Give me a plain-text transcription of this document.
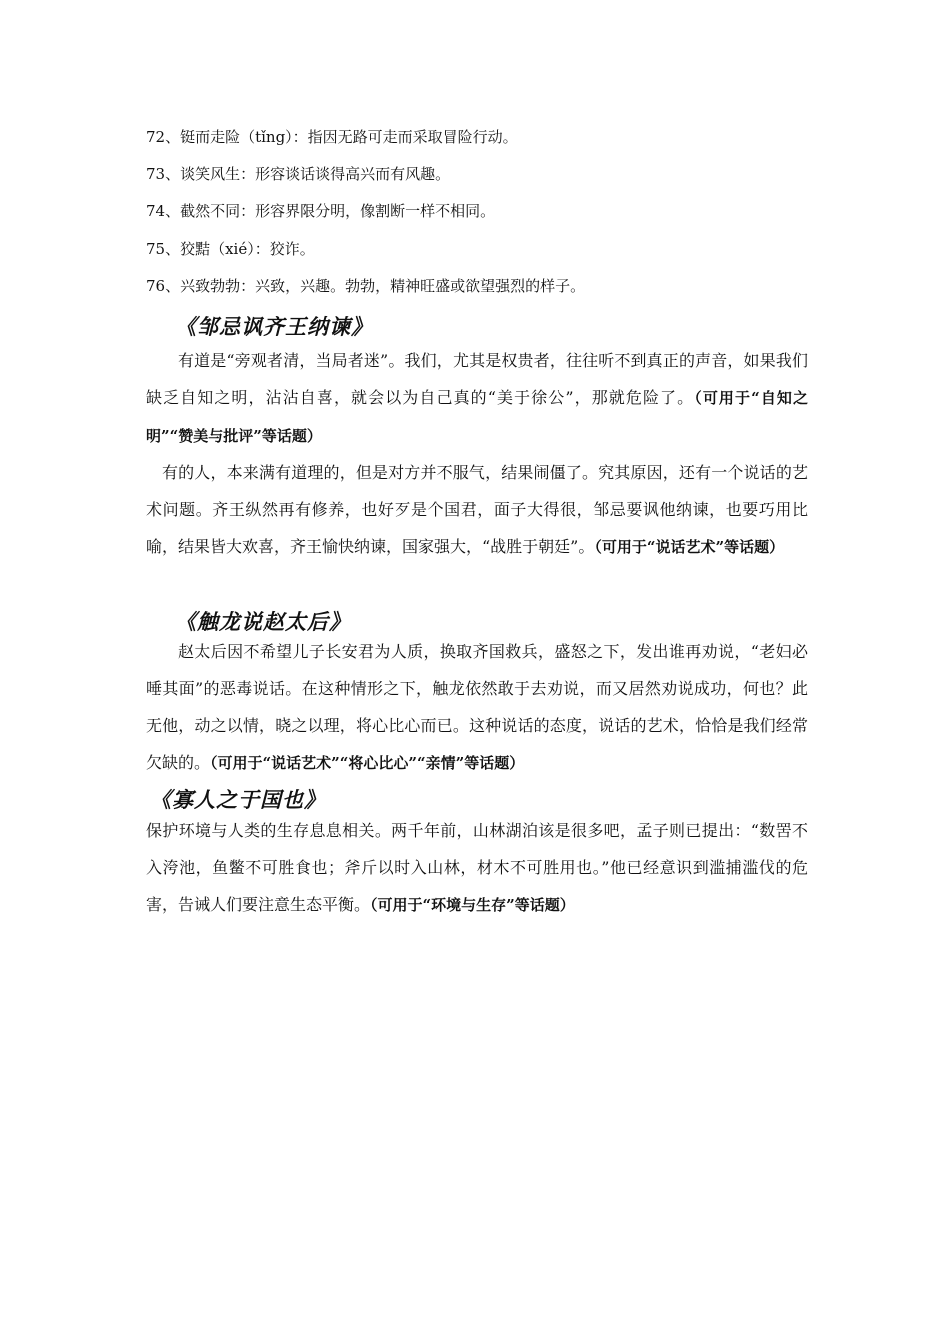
72、铤而走险（tǐng）：指因无路可走而采取冒险行动。
73、谈笑风生：形容谈话谈得高兴而有风趣。
74、截然不同：形容界限分明，像割断一样不相同。
75、狡黠（xié）：狡诈。
76、兴致勃勃：兴致，兴趣。勃勃，精神旺盛或欲望强烈的样子。
《邹忌讽齐王纳谏》
有道是“旁观者清，当局者迷”。我们，尤其是权贵者，往往听不到真正的声音，如果我们缺乏自知之明，沾沾自喜，就会以为自己真的“美于徐公”，那就危险了。（可用于“自知之明”“赞美与批评”等话题）
有的人，本来满有道理的，但是对方并不服气，结果闹僵了。究其原因，还有一个说话的艺术问题。齐王纵然再有修养，也好歹是个国君，面子大得很，邹忌要讽他纳谏，也要巧用比喻，结果皆大欢喜，齐王愉快纳谏，国家强大，“战胜于朝廷”。（可用于“说话艺术”等话题）
《触龙说赵太后》
赵太后因不希望儿子长安君为人质，换取齐国救兵，盛怒之下，发出谁再劝说，“老妇必唾其面”的恶毒说话。在这种情形之下，触龙依然敢于去劝说，而又居然劝说成功，何也？此无他，动之以情，晓之以理，将心比心而已。这种说话的态度，说话的艺术，恰恰是我们经常欠缺的。（可用于“说话艺术”“将心比心”“亲情”等话题）
《寡人之于国也》
保护环境与人类的生存息息相关。两千年前，山林湖泊该是很多吧，孟子则已提出：“数罟不入洿池，鱼鳖不可胜食也；斧斤以时入山林，材木不可胜用也。”他已经意识到滥捕滥伐的危害，告诫人们要注意生态平衡。（可用于“环境与生存”等话题）
